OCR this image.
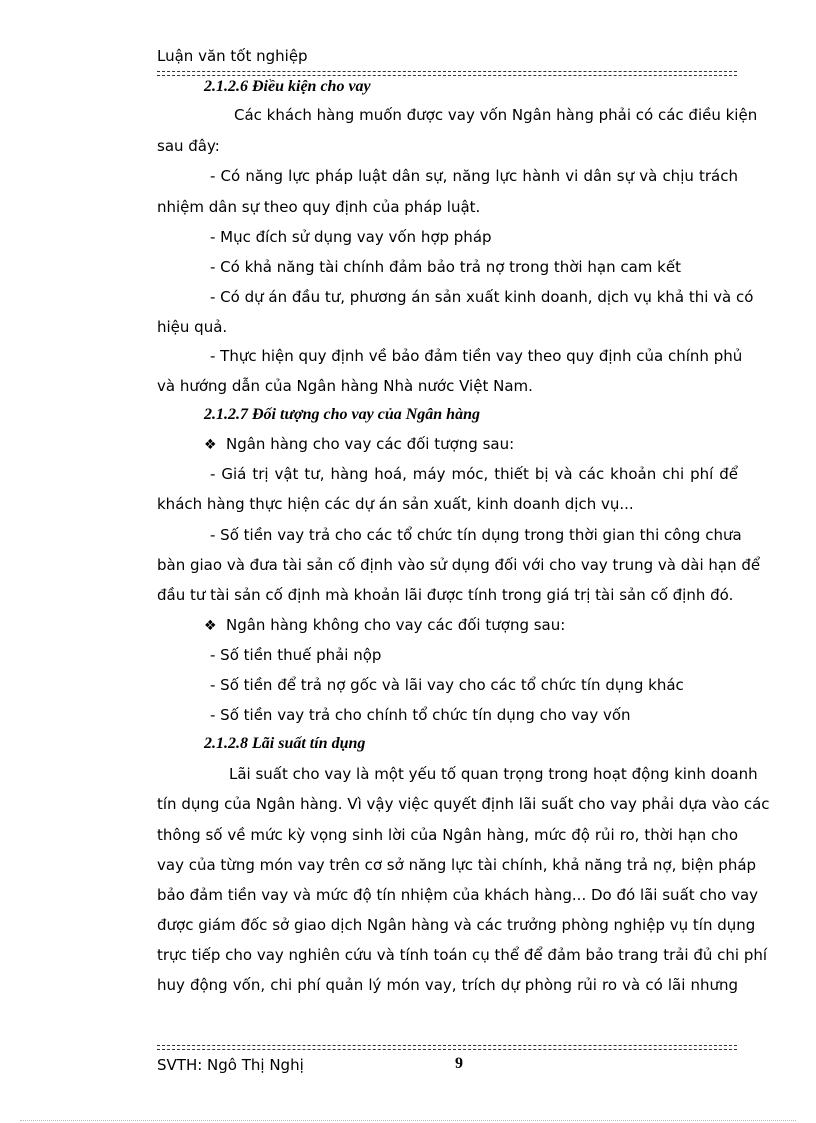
Luận văn tốt nghiệp
2.1.2.6 Điều kiện cho vay
Các khách hàng muốn được vay vốn Ngân hàng phải có các điều kiện
sau đây:
- Có năng lực pháp luật dân sự, năng lực hành vi dân sự và chịu trách
nhiệm dân sự theo quy định của pháp luật.
- Mục đích sử dụng vay vốn hợp pháp
- Có khả năng tài chính đảm bảo trả nợ trong thời hạn cam kết
- Có dự án đầu tư, phương án sản xuất kinh doanh, dịch vụ khả thi và có
hiệu quả.
- Thực hiện quy định về bảo đảm tiền vay theo quy định của chính phủ
và hướng dẫn của Ngân hàng Nhà nước Việt Nam.
2.1.2.7 Đối tượng cho vay của Ngân hàng
❖ Ngân hàng cho vay các đối tượng sau:
- Giá trị vật tư, hàng hoá, máy móc, thiết bị và các khoản chi phí để
khách hàng thực hiện các dự án sản xuất, kinh doanh dịch vụ...
- Số tiền vay trả cho các tổ chức tín dụng trong thời gian thi công chưa
bàn giao và đưa tài sản cố định vào sử dụng đối với cho vay trung và dài hạn để
đầu tư tài sản cố định mà khoản lãi được tính trong giá trị tài sản cố định đó.
❖ Ngân hàng không cho vay các đối tượng sau:
- Số tiền thuế phải nộp
- Số tiền để trả nợ gốc và lãi vay cho các tổ chức tín dụng khác
- Số tiền vay trả cho chính tổ chức tín dụng cho vay vốn
2.1.2.8 Lãi suất tín dụng
Lãi suất cho vay là một yếu tố quan trọng trong hoạt động kinh doanh
tín dụng của Ngân hàng. Vì vậy việc quyết định lãi suất cho vay phải dựa vào các
thông số về mức kỳ vọng sinh lời của Ngân hàng, mức độ rủi ro, thời hạn cho
vay của từng món vay trên cơ sở năng lực tài chính, khả năng trả nợ, biện pháp
bảo đảm tiền vay và mức độ tín nhiệm của khách hàng... Do đó lãi suất cho vay
được giám đốc sở giao dịch Ngân hàng và các trưởng phòng nghiệp vụ tín dụng
trực tiếp cho vay nghiên cứu và tính toán cụ thể để đảm bảo trang trải đủ chi phí
huy động vốn, chi phí quản lý món vay, trích dự phòng rủi ro và có lãi nhưng
SVTH: Ngô Thị Nghị	9
